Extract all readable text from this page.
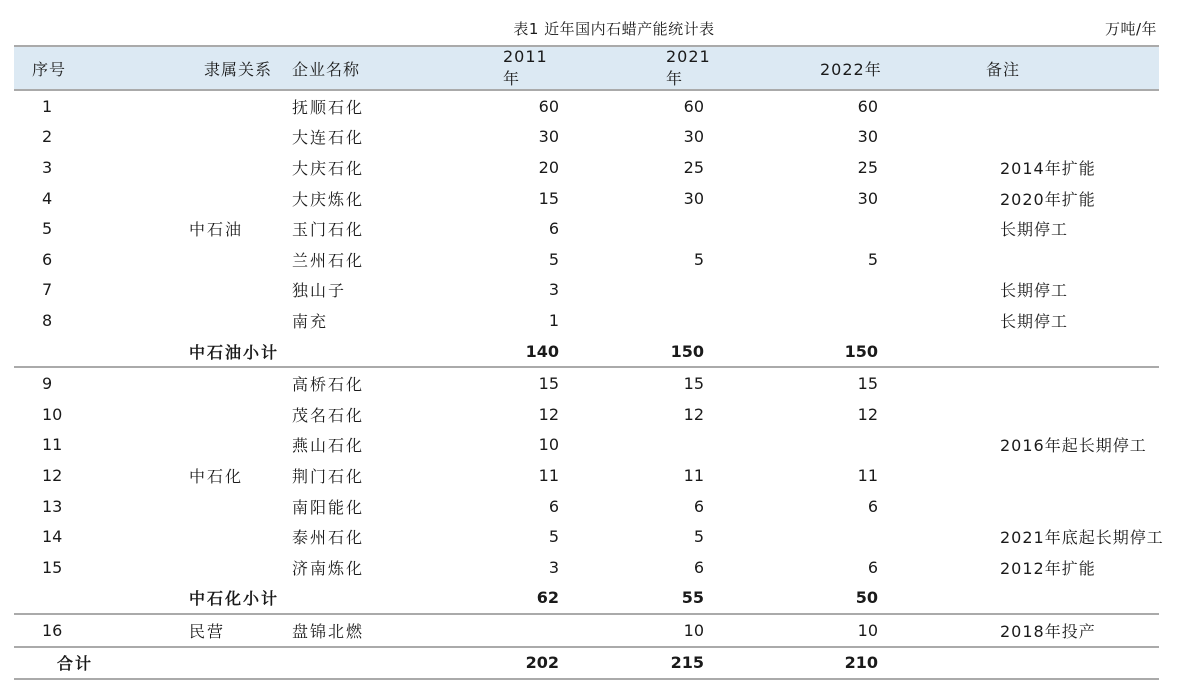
表1 近年国内石蜡产能统计表	万吨/年
序号	隶属关系	企业名称	2011年	2021年	2022年	备注
1		抚顺石化	60	60	60	
2		大连石化	30	30	30	
3		大庆石化	20	25	25	2014年扩能
4		大庆炼化	15	30	30	2020年扩能
5	中石油	玉门石化	6			长期停工
6		兰州石化	5	5	5	
7		独山子	3			长期停工
8		南充	1			长期停工
	中石油小计		140	150	150	
9		高桥石化	15	15	15	
10		茂名石化	12	12	12	
11		燕山石化	10			2016年起长期停工
12	中石化	荆门石化	11	11	11	
13		南阳能化	6	6	6	
14		泰州石化	5	5		2021年底起长期停工
15		济南炼化	3	6	6	2012年扩能
	中石化小计		62	55	50	
16	民营	盘锦北燃		10	10	2018年投产
合计			202	215	210	
